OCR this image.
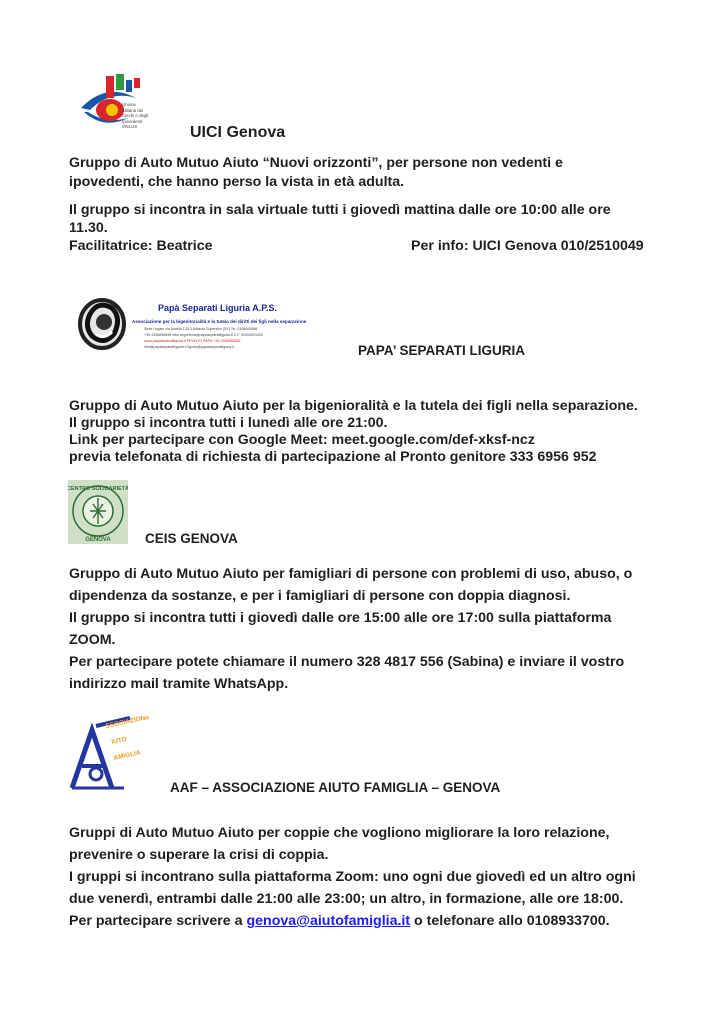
Unione
Italiana dei
Ciechi e degli
Ipovedenti
ONLUS	UICI Genova
Gruppo di Auto Mutuo Aiuto “Nuovi orizzonti”, per persone non vedenti e
ipovedenti, che hanno perso la vista in età adulta.
Il gruppo si incontra in sala virtuale tutti i giovedì mattina dalle ore 10:00 alle ore
11.30.
Facilitatrice: Beatrice	Per info: UICI Genova 010/2510049
Papà Separati Liguria A.P.S.
Associazione per la bigenitorialità e la tutela dei diritti dei figli nella separazione
Sede Legale via Aurelia 13/13 Albisola Superiore (SV) Tel. 0108993986
+39 3338656698 mbs.segreteria@papaseparatiliguria.it C.F. 92004001005
www.papaseparatiliguria.it PRONTO PAPÀ +39 3336956952
info@papaseparatiliguria.it liguria@papaseparatiliguria.it	PAPA’ SEPARATI LIGURIA
Gruppo di Auto Mutuo Aiuto per la bigenioralità e la tutela dei figli nella separazione.
Il gruppo si incontra tutti i lunedì alle ore 21:00.
Link per partecipare con Google Meet: meet.google.com/def-xksf-ncz
previa telefonata di richiesta di partecipazione al Pronto genitore 333 6956 952
CENTRO SOLIDARIETÀ
GENOVA	CEIS GENOVA
Gruppo di Auto Mutuo Aiuto per famigliari di persone con problemi di uso, abuso, o
dipendenza da sostanze, e per i famigliari di persone con doppia diagnosi.
Il gruppo si incontra tutti i giovedì dalle ore 15:00 alle ore 17:00 sulla piattaforma
ZOOM.
Per partecipare potete chiamare il numero 328 4817 556 (Sabina) e inviare il vostro
indirizzo mail tramite WhatsApp.
SSOCIAZIONE
IUTO
AMIGLIA
AAF – ASSOCIAZIONE AIUTO FAMIGLIA – GENOVA
Gruppi di Auto Mutuo Aiuto per coppie che vogliono migliorare la loro relazione,
prevenire o superare la crisi di coppia.
I gruppi si incontrano sulla piattaforma Zoom: uno ogni due giovedì ed un altro ogni
due venerdì, entrambi dalle 21:00 alle 23:00; un altro, in formazione, alle ore 18:00.
Per partecipare scrivere a genova@aiutofamiglia.it o telefonare allo 0108933700.
